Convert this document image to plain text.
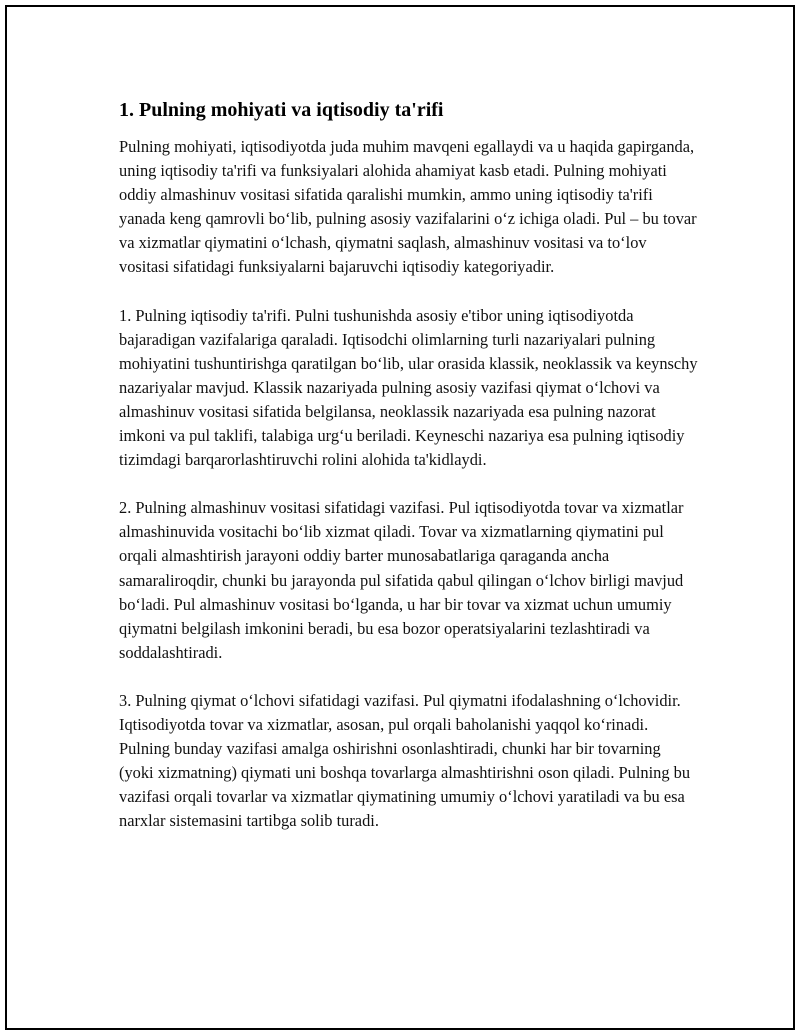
1. Pulning mohiyati va iqtisodiy ta'rifi

Pulning mohiyati, iqtisodiyotda juda muhim mavqeni egallaydi va u haqida gapirganda, uning iqtisodiy ta'rifi va funksiyalari alohida ahamiyat kasb etadi. Pulning mohiyati oddiy almashinuv vositasi sifatida qaralishi mumkin, ammo uning iqtisodiy ta'rifi yanada keng qamrovli bo‘lib, pulning asosiy vazifalarini o‘z ichiga oladi. Pul – bu tovar va xizmatlar qiymatini o‘lchash, qiymatni saqlash, almashinuv vositasi va to‘lov vositasi sifatidagi funksiyalarni bajaruvchi iqtisodiy kategoriyadir.

1. Pulning iqtisodiy ta'rifi. Pulni tushunishda asosiy e'tibor uning iqtisodiyotda bajaradigan vazifalariga qaraladi. Iqtisodchi olimlarning turli nazariyalari pulning mohiyatini tushuntirishga qaratilgan bo‘lib, ular orasida klassik, neoklassik va keynschy nazariyalar mavjud. Klassik nazariyada pulning asosiy vazifasi qiymat o‘lchovi va almashinuv vositasi sifatida belgilansa, neoklassik nazariyada esa pulning nazorat imkoni va pul taklifi, talabiga urg‘u beriladi. Keyneschi nazariya esa pulning iqtisodiy tizimdagi barqarorlashtiruvchi rolini alohida ta'kidlaydi.

2. Pulning almashinuv vositasi sifatidagi vazifasi. Pul iqtisodiyotda tovar va xizmatlar almashinuvida vositachi bo‘lib xizmat qiladi. Tovar va xizmatlarning qiymatini pul orqali almashtirish jarayoni oddiy barter munosabatlariga qaraganda ancha samaraliroqdir, chunki bu jarayonda pul sifatida qabul qilingan o‘lchov birligi mavjud bo‘ladi. Pul almashinuv vositasi bo‘lganda, u har bir tovar va xizmat uchun umumiy qiymatni belgilash imkonini beradi, bu esa bozor operatsiyalarini tezlashtiradi va soddalashtiradi.

3. Pulning qiymat o‘lchovi sifatidagi vazifasi. Pul qiymatni ifodalashning o‘lchovidir. Iqtisodiyotda tovar va xizmatlar, asosan, pul orqali baholanishi yaqqol ko‘rinadi. Pulning bunday vazifasi amalga oshirishni osonlashtiradi, chunki har bir tovarning (yoki xizmatning) qiymati uni boshqa tovarlarga almashtirishni oson qiladi. Pulning bu vazifasi orqali tovarlar va xizmatlar qiymatining umumiy o‘lchovi yaratiladi va bu esa narxlar sistemasini tartibga solib turadi.
